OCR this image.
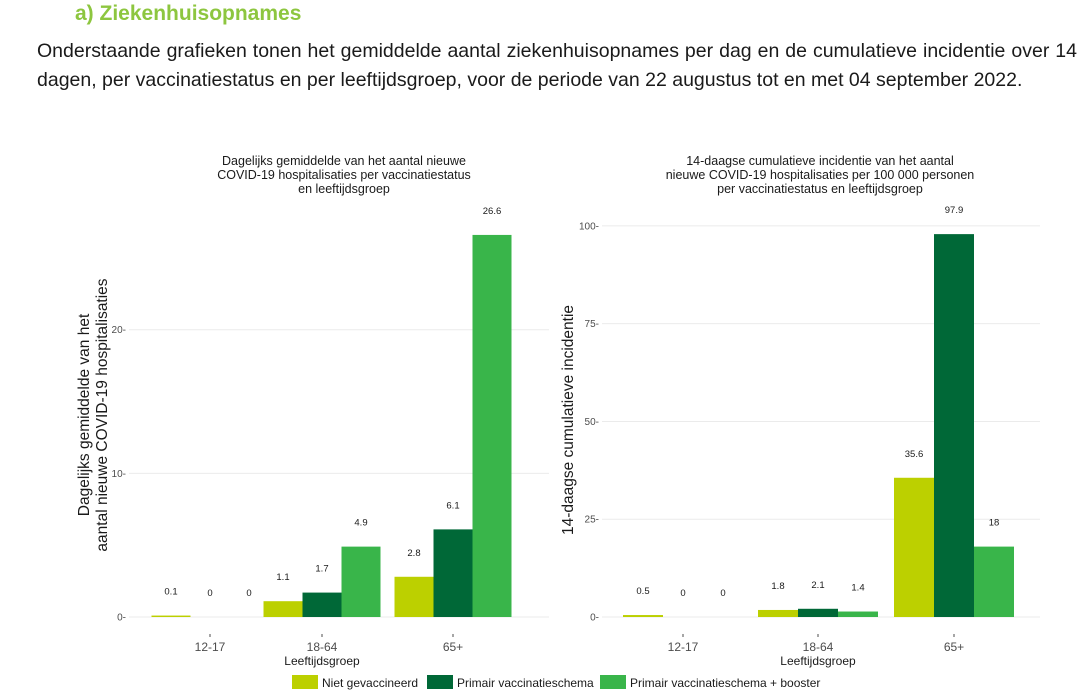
a) Ziekenhuisopnames
Onderstaande grafieken tonen het gemiddelde aantal ziekenhuisopnames per dag en de cumulatieve incidentie over 14 dagen, per vaccinatiestatus en per leeftijdsgroep, voor de periode van 22 augustus tot en met 04 september 2022.
Dagelijks gemiddelde van het aantal nieuwe
COVID-19 hospitalisaties per vaccinatiestatus
en leeftijdsgroep
0-
10-
20-
Dagelijks gemiddelde van het aantal nieuwe COVID-19 hospitalisaties
0.1	0	0
12-17
1.1
1.7
4.9
18-64
2.8
6.1
26.6
65+
Leeftijdsgroep
14-daagse cumulatieve incidentie van het aantal
nieuwe COVID-19 hospitalisaties per 100 000 personen
per vaccinatiestatus en leeftijdsgroep
0-
25-
50-
75-
100-
14-daagse cumulatieve incidentie
0.5	0	0
12-17
1.8	2.1	1.4
18-64
35.6
97.9
18
65+
Leeftijdsgroep
Niet gevaccineerd	Primair vaccinatieschema	Primair vaccinatieschema + booster
